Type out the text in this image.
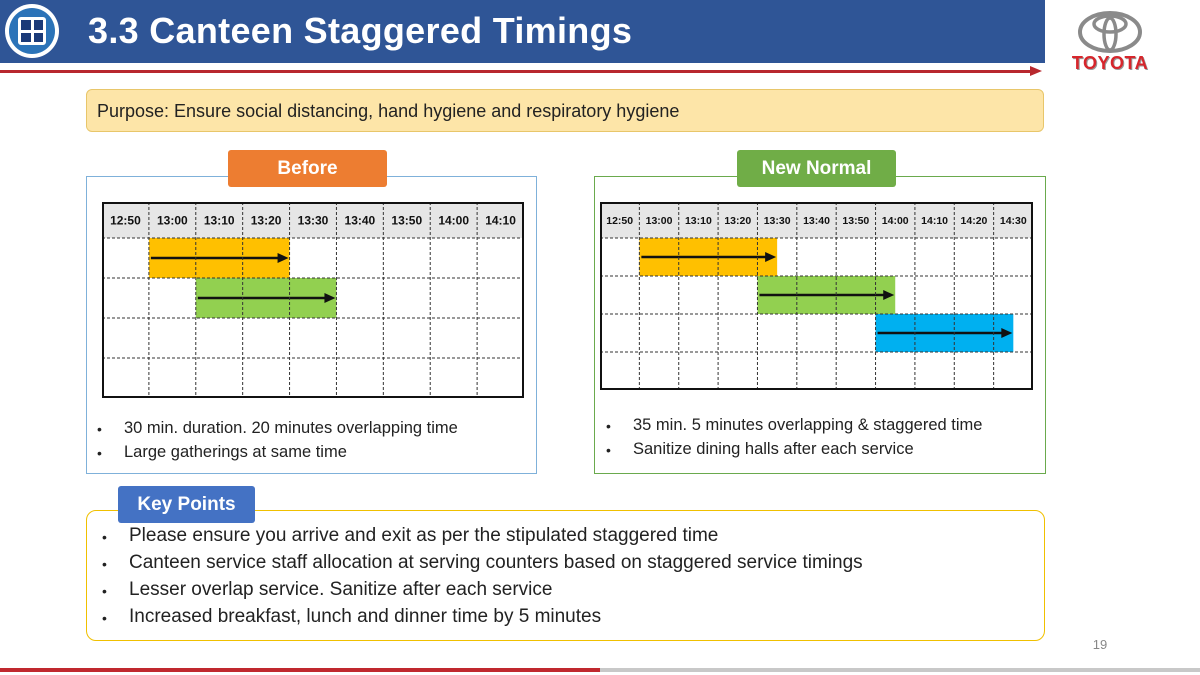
3.3 Canteen Staggered Timings
TOYOTA
Purpose: Ensure social distancing, hand hygiene and respiratory hygiene
Before
12:50 13:00 13:10 13:20 13:30 13:40 13:50 14:00 14:10
• 30 min. duration. 20 minutes overlapping time
• Large gatherings at same time
New Normal
12:50 13:00 13:10 13:20 13:30 13:40 13:50 14:00 14:10 14:20 14:30
• 35 min. 5 minutes overlapping & staggered time
• Sanitize dining halls after each service
Key Points
• Please ensure you arrive and exit as per the stipulated staggered time
• Canteen service staff allocation at serving counters based on staggered service timings
• Lesser overlap service. Sanitize after each service
• Increased breakfast, lunch and dinner time by 5 minutes
19
